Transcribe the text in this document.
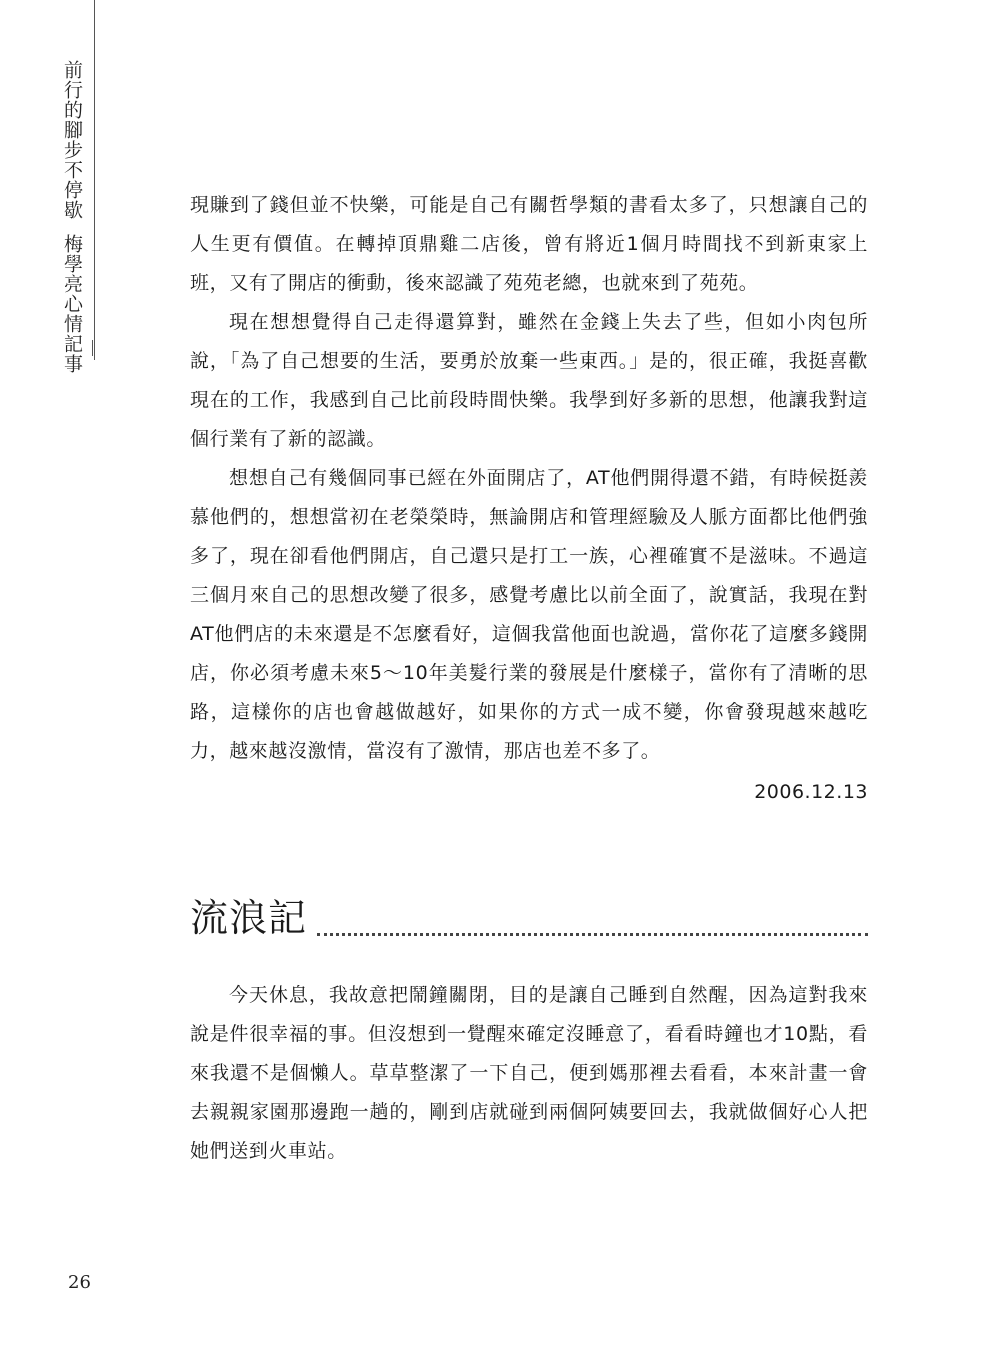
前行的腳步不停歇梅學亮心情記事

現賺到了錢但並不快樂，可能是自己有關哲學類的書看太多了，只想讓自己的人生更有價值。在轉掉頂鼎雞二店後，曾有將近1個月時間找不到新東家上班，又有了開店的衝動，後來認識了苑苑老總，也就來到了苑苑。

現在想想覺得自己走得還算對，雖然在金錢上失去了些，但如小肉包所說，「為了自己想要的生活，要勇於放棄一些東西。」是的，很正確，我挺喜歡現在的工作，我感到自己比前段時間快樂。我學到好多新的思想，他讓我對這個行業有了新的認識。

想想自己有幾個同事已經在外面開店了，AT他們開得還不錯，有時候挺羨慕他們的，想想當初在老榮榮時，無論開店和管理經驗及人脈方面都比他們強多了，現在卻看他們開店，自己還只是打工一族，心裡確實不是滋味。不過這三個月來自己的思想改變了很多，感覺考慮比以前全面了，說實話，我現在對AT他們店的未來還是不怎麼看好，這個我當他面也說過，當你花了這麼多錢開店，你必須考慮未來5～10年美髮行業的發展是什麼樣子，當你有了清晰的思路，這樣你的店也會越做越好，如果你的方式一成不變，你會發現越來越吃力，越來越沒激情，當沒有了激情，那店也差不多了。

2006.12.13
流浪記

今天休息，我故意把鬧鐘關閉，目的是讓自己睡到自然醒，因為這對我來說是件很幸福的事。但沒想到一覺醒來確定沒睡意了，看看時鐘也才10點，看來我還不是個懶人。草草整潔了一下自己，便到媽那裡去看看，本來計畫一會去親親家園那邊跑一趟的，剛到店就碰到兩個阿姨要回去，我就做個好心人把她們送到火車站。

26
